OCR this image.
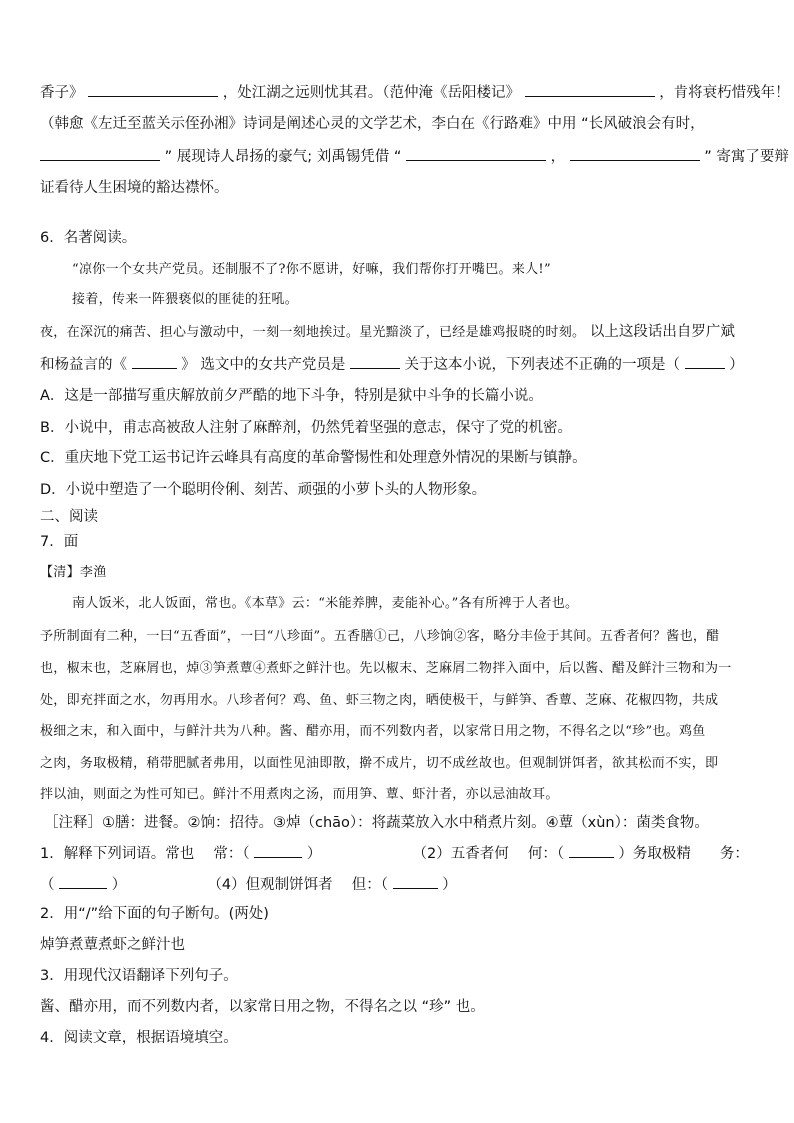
香子》	，处江湖之远则忧其君。（范仲淹《岳阳楼记》	，肯将衰朽惜残年！
（韩愈《左迁至蓝关示侄孙湘》诗词是阐述心灵的文学艺术，李白在《行路难》中用 “长风破浪会有时，
” 展现诗人昂扬的豪气; 刘禹锡凭借 “	，	” 寄寓了要辩
证看待人生困境的豁达襟怀。
6．名著阅读。
“凉你一个女共产党员。还制服不了?你不愿讲，好嘛，我们帮你打开嘴巴。来人!”
接着，传来一阵猥亵似的匪徒的狂吼。
夜，在深沉的痛苦、担心与激动中，一刻一刻地挨过。星光黯淡了，已经是雄鸡报晓的时刻。 以上这段话出自罗广斌
和杨益言的《	》 选文中的女共产党员是	关于这本小说，下列表述不正确的一项是（	）
A．这是一部描写重庆解放前夕严酷的地下斗争，特别是狱中斗争的长篇小说。
B．小说中，甫志高被敌人注射了麻醉剂，仍然凭着坚强的意志，保守了党的机密。
C．重庆地下党工运书记许云峰具有高度的革命警惕性和处理意外情况的果断与镇静。
D．小说中塑造了一个聪明伶俐、刻苦、顽强的小萝卜头的人物形象。
二、阅读
7．面
【清】李渔
南人饭米，北人饭面，常也。《本草》云：“米能养脾，麦能补心。”各有所裨于人者也。
予所制面有二种，一曰“五香面”，一曰“八珍面”。五香膳①己，八珍饷②客，略分丰俭于其间。五香者何？酱也，醋
也，椒末也，芝麻屑也，焯③笋煮蕈④煮虾之鲜汁也。先以椒末、芝麻屑二物拌入面中，后以酱、醋及鲜汁三物和为一
处，即充拌面之水，勿再用水。八珍者何？鸡、鱼、虾三物之肉，晒使极干，与鲜笋、香蕈、芝麻、花椒四物，共成
极细之末，和入面中，与鲜汁共为八种。酱、醋亦用，而不列数内者，以家常日用之物，不得名之以“珍”也。鸡鱼
之肉，务取极精，稍带肥腻者弗用，以面性见油即散，擀不成片，切不成丝故也。但观制饼饵者，欲其松而不实，即
拌以油，则面之为性可知已。鲜汁不用煮肉之汤，而用笋、蕈、虾汁者，亦以忌油故耳。
［注释］①膳：进餐。②饷：招待。③焯（chāo）：将蔬菜放入水中稍煮片刻。④蕈（xùn）：菌类食物。
1．解释下列词语。常也　 常：（	）	（2）五香者何　 何：（	）务取极精　　务：
（	）	（4）但观制饼饵者　 但：（	）
2．用“/”给下面的句子断句。(两处)
焯笋煮蕈煮虾之鲜汁也
3．用现代汉语翻译下列句子。
酱、醋亦用，而不列数内者，以家常日用之物，不得名之以 “珍” 也。
4．阅读文章，根据语境填空。
